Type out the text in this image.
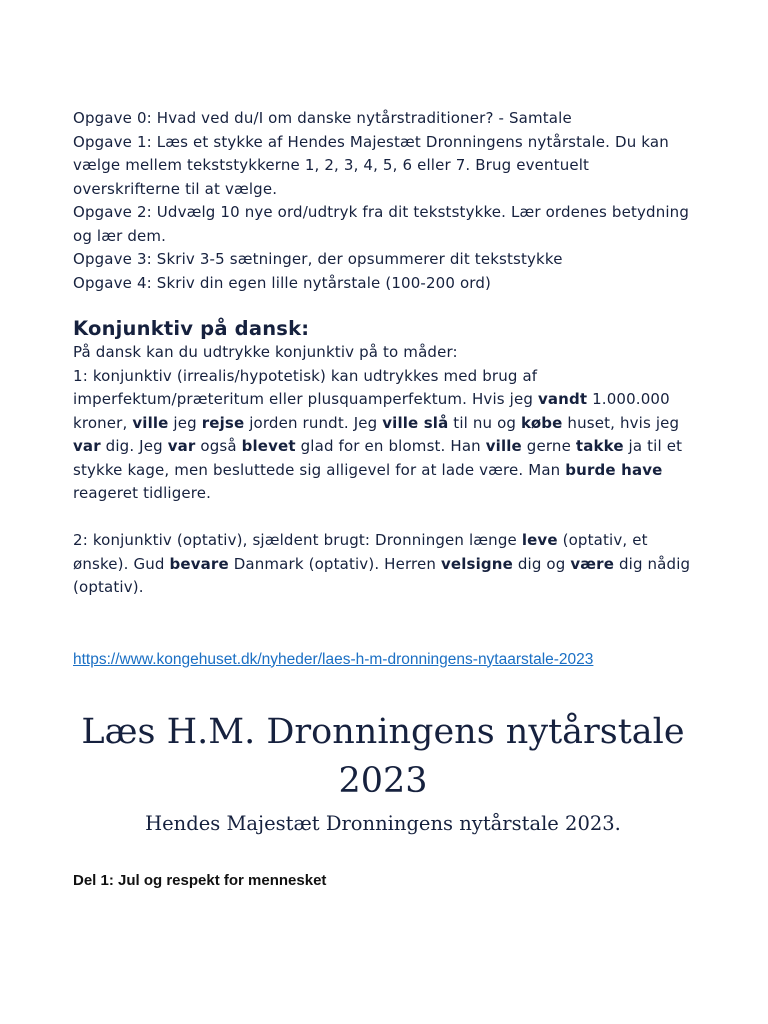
Opgave 0: Hvad ved du/I om danske nytårstraditioner? - Samtale

Opgave 1: Læs et stykke af Hendes Majestæt Dronningens nytårstale. Du kan vælge mellem tekststykkerne 1, 2, 3, 4, 5, 6 eller 7. Brug eventuelt overskrifterne til at vælge.

Opgave 2: Udvælg 10 nye ord/udtryk fra dit tekststykke. Lær ordenes betydning og lær dem.

Opgave 3: Skriv 3-5 sætninger, der opsummerer dit tekststykke

Opgave 4: Skriv din egen lille nytårstale (100-200 ord)

Konjunktiv på dansk:

På dansk kan du udtrykke konjunktiv på to måder:

1: konjunktiv (irrealis/hypotetisk) kan udtrykkes med brug af imperfektum/præteritum eller plusquamperfektum. Hvis jeg vandt 1.000.000 kroner, ville jeg rejse jorden rundt. Jeg ville slå til nu og købe huset, hvis jeg var dig. Jeg var også blevet glad for en blomst. Han ville gerne takke ja til et stykke kage, men besluttede sig alligevel for at lade være. Man burde have reageret tidligere.

2: konjunktiv (optativ), sjældent brugt: Dronningen længe leve (optativ, et ønske). Gud bevare Danmark (optativ). Herren velsigne dig og være dig nådig (optativ).

https://www.kongehuset.dk/nyheder/laes-h-m-dronningens-nytaarstale-2023
Læs H.M. Dronningens nytårstale 2023
Hendes Majestæt Dronningens nytårstale 2023.

Del 1: Jul og respekt for mennesket
